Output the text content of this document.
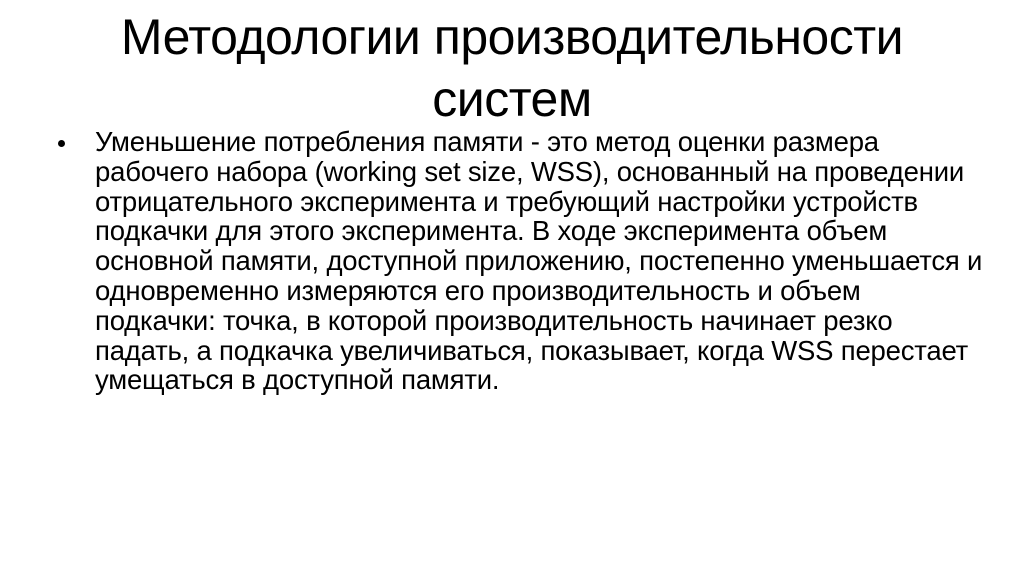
Методологии производительности систем
Уменьшение потребления памяти - это метод оценки размера рабочего набора (working set size, WSS), основанный на проведении отрицательного эксперимента и требующий настройки устройств подкачки для этого эксперимента. В ходе эксперимента объем основной памяти, доступной приложению, постепенно уменьшается и одновременно измеряются его производительность и объем подкачки: точка, в которой производительность начинает резко падать, а подкачка увеличиваться, показывает, когда WSS перестает умещаться в доступной памяти.
